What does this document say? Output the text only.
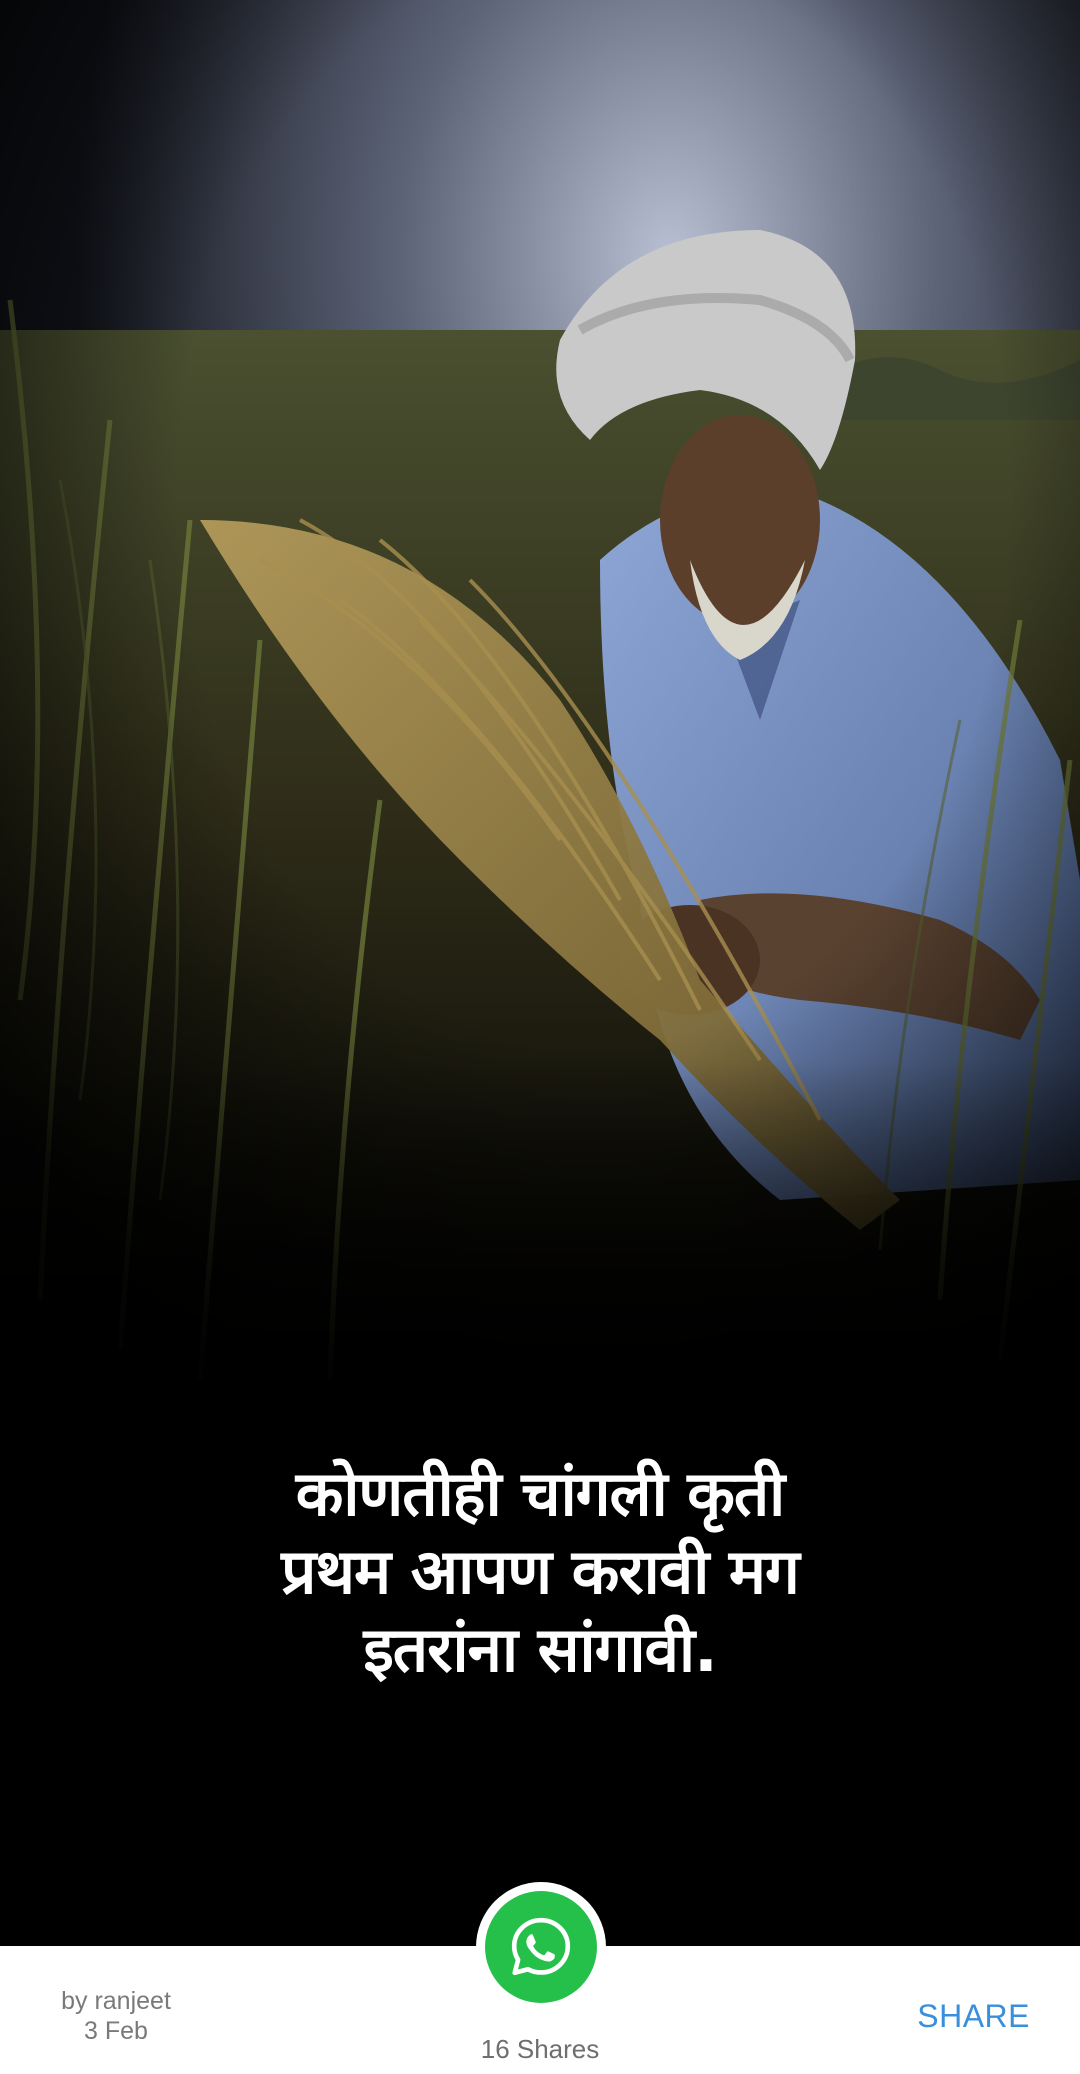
कोणतीही चांगली कृती
प्रथम आपण करावी मग
इतरांना सांगावी.
by ranjeet
3 Feb
16 Shares
SHARE
